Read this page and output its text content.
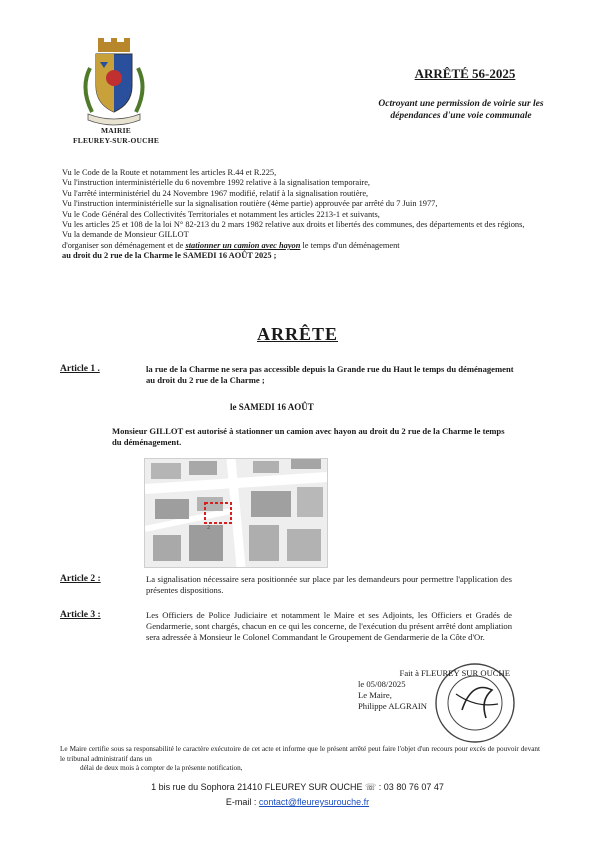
MAIRIE
FLEUREY-SUR-OUCHE
ARRÊTÉ 56-2025
Octroyant une permission de voirie sur les dépendances d'une voie communale

Vu le Code de la Route et notamment les articles R.44 et R.225,

Vu l'instruction interministérielle du 6 novembre 1992 relative à la signalisation temporaire,

Vu l'arrêté interministériel du 24 Novembre 1967 modifié, relatif à la signalisation routière,

Vu l'instruction interministérielle sur la signalisation routière (4ème partie) approuvée par arrêté du 7 Juin 1977,

Vu le Code Général des Collectivités Territoriales et notamment les articles 2213-1 et suivants,

Vu les articles 25 et 108 de la loi N° 82-213 du 2 mars 1982 relative aux droits et libertés des communes, des départements et des régions,

Vu la demande de Monsieur GILLOT

d'organiser son déménagement et de stationner un camion avec hayon le temps d'un déménagement

au droit du 2 rue de la Charme le SAMEDI 16 AOÛT 2025 ;

ARRÊTE
Article 1 .	la rue de la Charme ne sera pas accessible depuis la Grande rue du Haut le temps du déménagement au droit du 2 rue de la Charme ;
le SAMEDI 16 AOÛT
Monsieur GILLOT est autorisé à stationner un camion avec hayon au droit du 2 rue de la Charme le temps du déménagement.
2
Article 2 :	La signalisation nécessaire sera positionnée sur place par les demandeurs pour permettre l'application des présentes dispositions.
Article 3 :	Les Officiers de Police Judiciaire et notamment le Maire et ses Adjoints, les Officiers et Gradés de Gendarmerie, sont chargés, chacun en ce qui les concerne, de l'exécution du présent arrêté dont ampliation sera adressée à Monsieur le Colonel Commandant le Groupement de Gendarmerie de la Côte d'Or.
Fait à FLEUREY SUR OUCHE
le 05/08/2025
Le Maire,
Philippe ALGRAIN
Le Maire certifie sous sa responsabilité le caractère exécutoire de cet acte et informe que le présent arrêté peut faire l'objet d'un recours pour excès de pouvoir devant le tribunal administratif dans un
délai de deux mois à compter de la présente notification,
1 bis rue du Sophora 21410 FLEUREY SUR OUCHE ☏ : 03 80 76 07 47
E-mail : contact@fleureysurouche.fr
